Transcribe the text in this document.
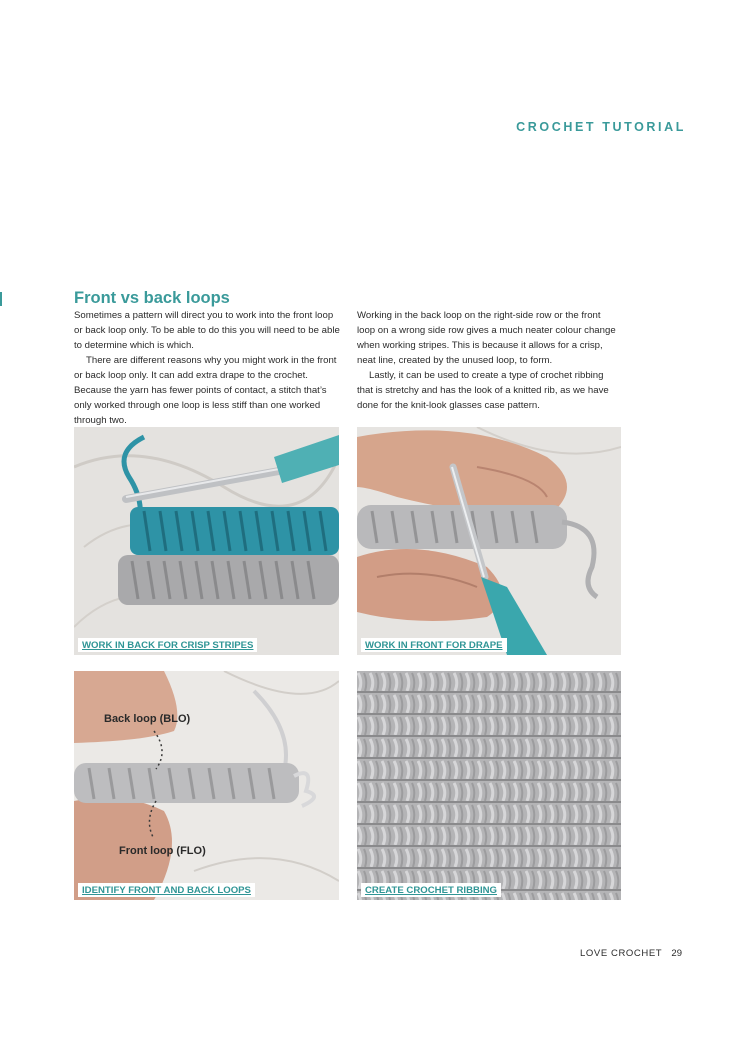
CROCHET TUTORIAL
Front vs back loops

Sometimes a pattern will direct you to work into the front loop or back loop only. To be able to do this you will need to be able to determine which is which.

There are different reasons why you might work in the front or back loop only. It can add extra drape to the crochet. Because the yarn has fewer points of contact, a stitch that’s only worked through one loop is less stiff than one worked through two.

Working in the back loop on the right-side row or the front loop on a wrong side row gives a much neater colour change when working stripes. This is because it allows for a crisp, neat line, created by the unused loop, to form.

Lastly, it can be used to create a type of crochet ribbing that is stretchy and has the look of a knitted rib, as we have done for the knit-look glasses case pattern.

WORK IN BACK FOR CRISP STRIPES	WORK IN FRONT FOR DRAPE
Back loop (BLO)
Front loop (FLO)
IDENTIFY FRONT AND BACK LOOPS	CREATE CROCHET RIBBING
LOVE CROCHET 29
